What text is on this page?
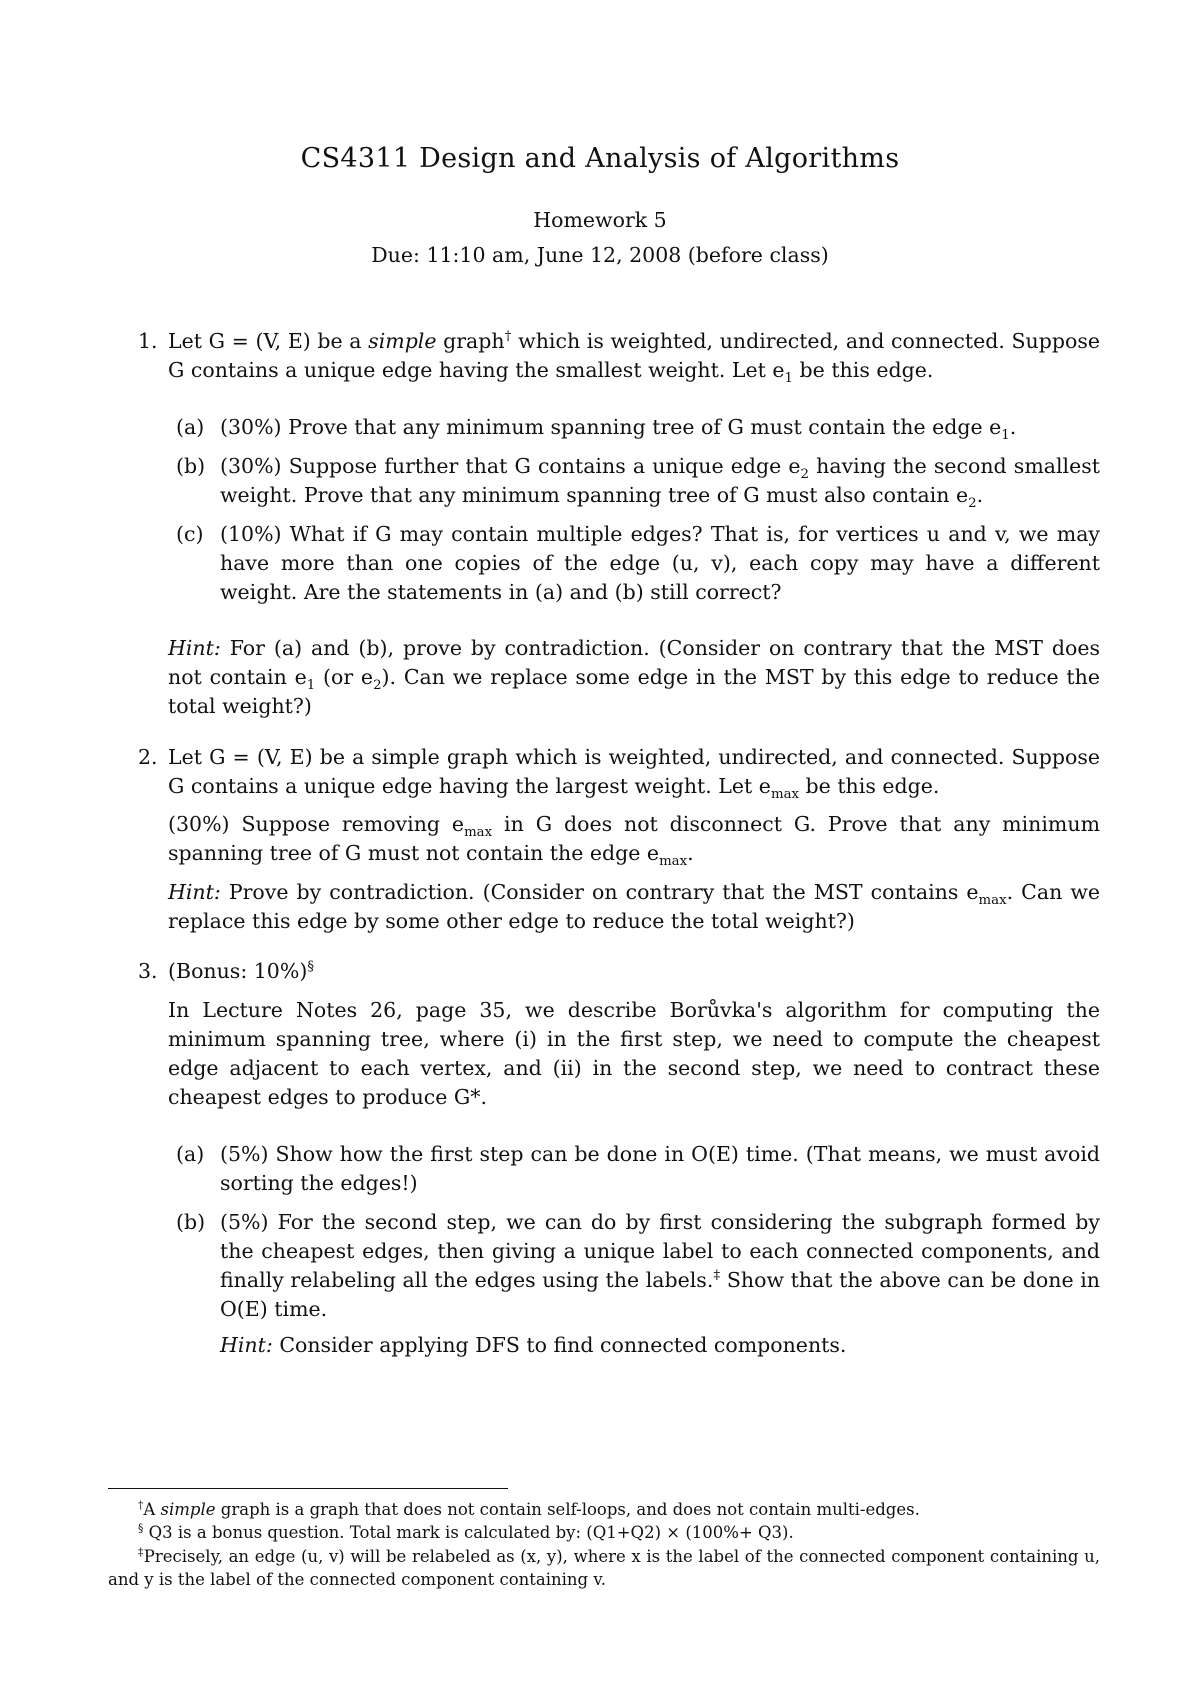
CS4311 Design and Analysis of Algorithms
Homework 5
Due: 11:10 am, June 12, 2008 (before class)
1. Let G = (V, E) be a simple graph† which is weighted, undirected, and connected. Suppose G contains a unique edge having the smallest weight. Let $e_1$ be this edge.
(a) (30%) Prove that any minimum spanning tree of G must contain the edge $e_1$.
(b) (30%) Suppose further that G contains a unique edge $e_2$ having the second smallest weight. Prove that any minimum spanning tree of G must also contain $e_2$.
(c) (10%) What if G may contain multiple edges? That is, for vertices u and v, we may have more than one copies of the edge (u, v), each copy may have a different weight. Are the statements in (a) and (b) still correct?
Hint: For (a) and (b), prove by contradiction. (Consider on contrary that the MST does not contain $e_1$ (or $e_2$). Can we replace some edge in the MST by this edge to reduce the total weight?)
2. Let G = (V, E) be a simple graph which is weighted, undirected, and connected. Suppose G contains a unique edge having the largest weight. Let $e_{max}$ be this edge.
(30%) Suppose removing $e_{max}$ in G does not disconnect G. Prove that any minimum spanning tree of G must not contain the edge $e_{max}$.
Hint: Prove by contradiction. (Consider on contrary that the MST contains $e_{max}$. Can we replace this edge by some other edge to reduce the total weight?)
3. (Bonus: 10%)§
In Lecture Notes 26, page 35, we describe Borůvka's algorithm for computing the minimum spanning tree, where (i) in the first step, we need to compute the cheapest edge adjacent to each vertex, and (ii) in the second step, we need to contract these cheapest edges to produce G*.
(a) (5%) Show how the first step can be done in O(E) time. (That means, we must avoid sorting the edges!)
(b) (5%) For the second step, we can do by first considering the subgraph formed by the cheapest edges, then giving a unique label to each connected components, and finally relabeling all the edges using the labels.‡ Show that the above can be done in O(E) time.
Hint: Consider applying DFS to find connected components.
†A simple graph is a graph that does not contain self-loops, and does not contain multi-edges.
§ Q3 is a bonus question. Total mark is calculated by: (Q1+Q2) × (100%+ Q3).
‡Precisely, an edge (u, v) will be relabeled as (x, y), where x is the label of the connected component containing u, and y is the label of the connected component containing v.
